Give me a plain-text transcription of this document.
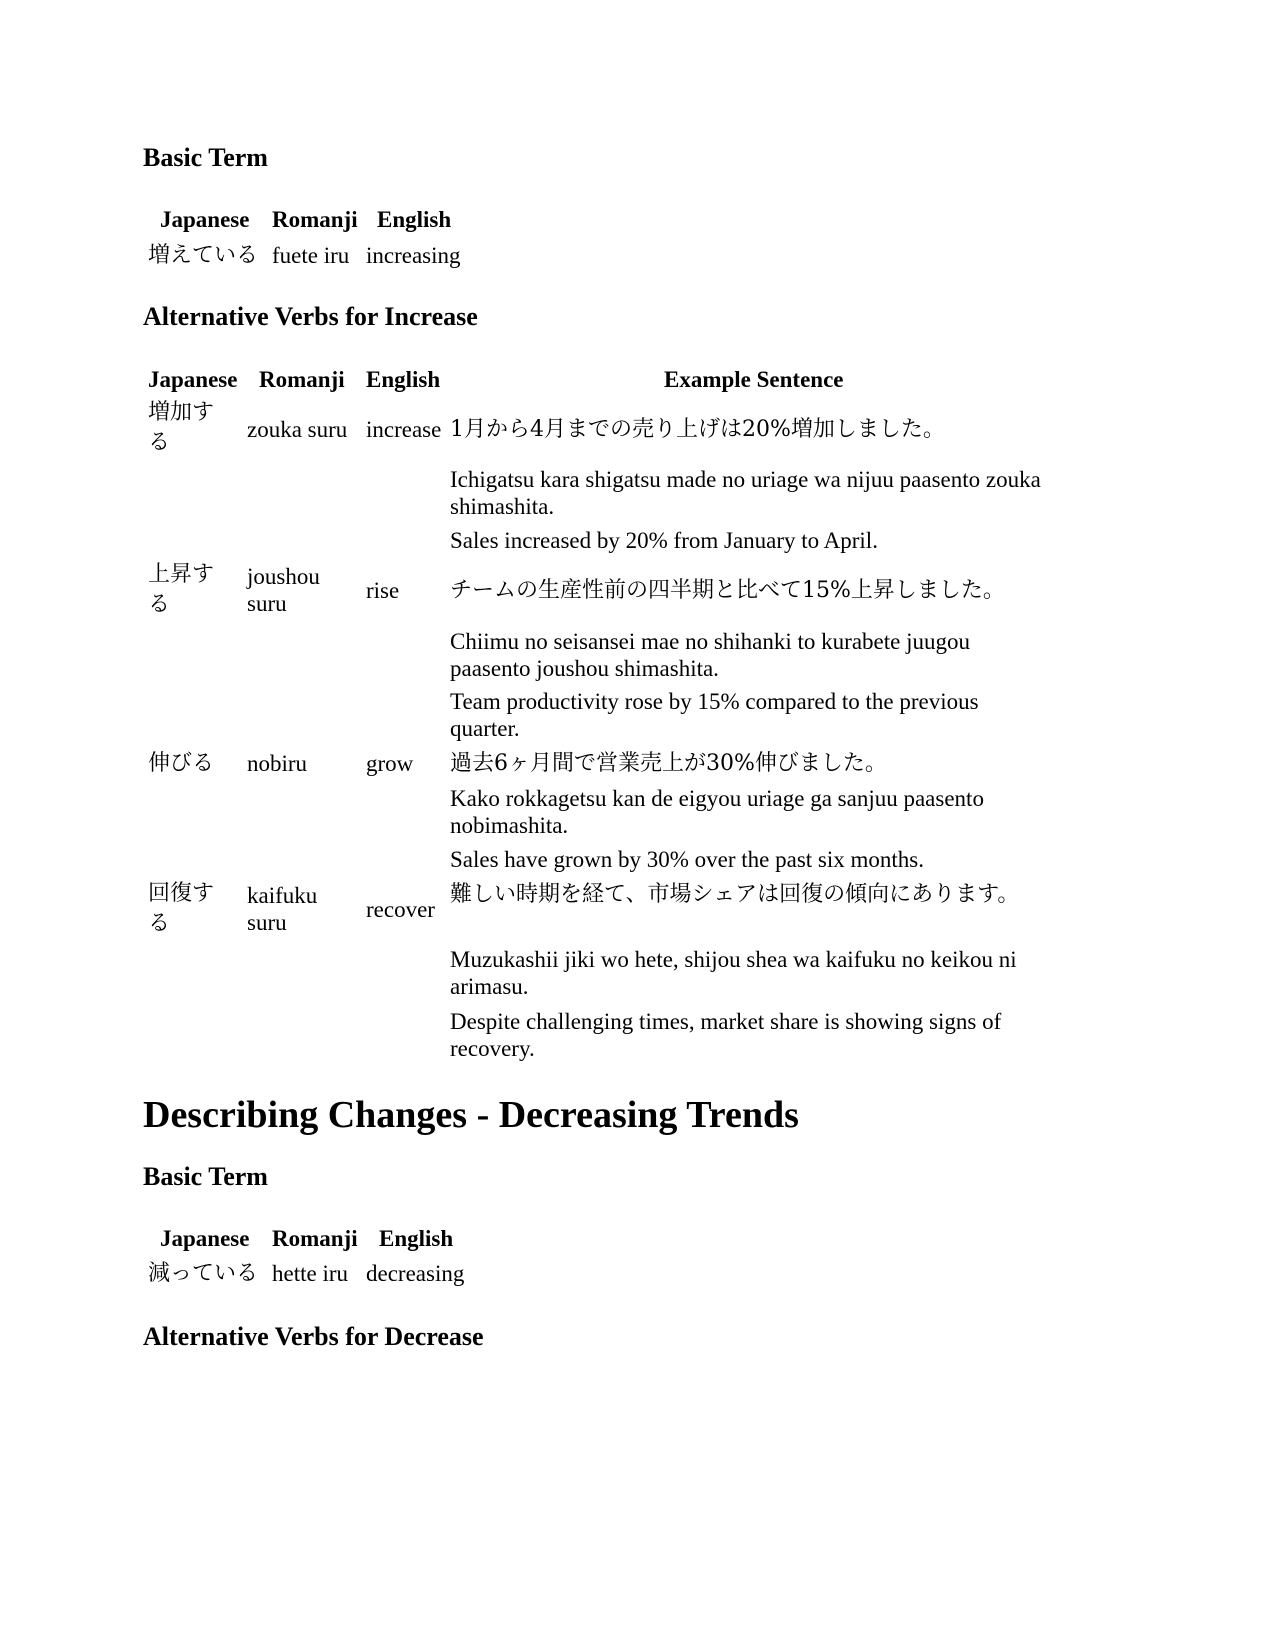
Basic Term
Japanese Romanji English
増えている fuete iru increasing
Alternative Verbs for Increase
Japanese Romanji English	Example Sentence
増加する
zouka suru increase 1月から4月までの売り上げは20%増加しました。
Ichigatsu kara shigatsu made no uriage wa nijuu paasento zouka shimashita.
Sales increased by 20% from January to April.
上昇する
joushou suru
rise チームの生産性前の四半期と比べて15%上昇しました。
Chiimu no seisansei mae no shihanki to kurabete juugou paasento joushou shimashita.
Team productivity rose by 15% compared to the previous quarter.
伸びる nobiru	grow 過去6ヶ月間で営業売上が30%伸びました。
Kako rokkagetsu kan de eigyou uriage ga sanjuu paasento nobimashita.
Sales have grown by 30% over the past six months.
回復する
kaifuku suru
recover
難しい時期を経て、市場シェアは回復の傾向にあります。
Muzukashii jiki wo hete, shijou shea wa kaifuku no keikou ni arimasu.
Despite challenging times, market share is showing signs of recovery.
Describing Changes - Decreasing Trends
Basic Term
Japanese Romanji English
減っている hette iru decreasing
Alternative Verbs for Decrease
